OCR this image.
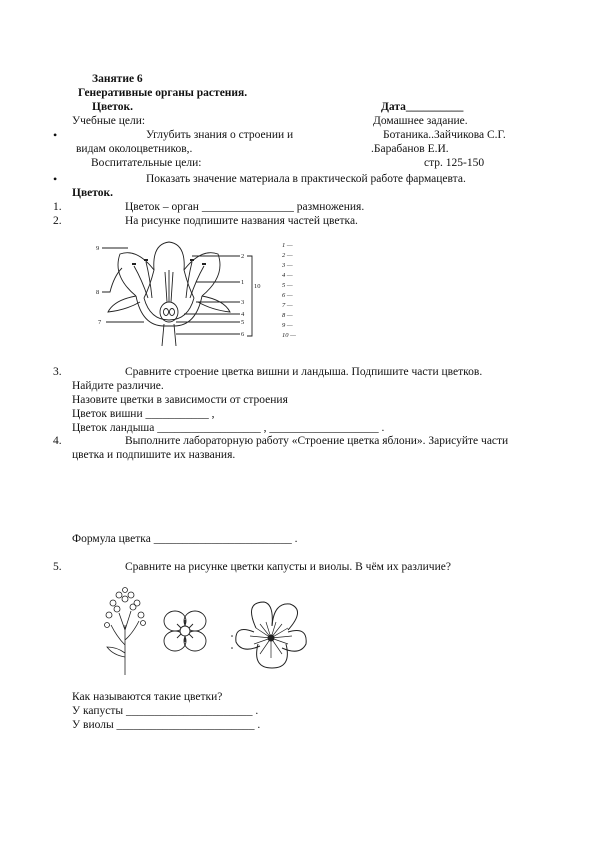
Занятие 6
Генеративные органы растения.
Цветок.	Дата__________
Учебные цели:	Домашнее задание.
•	Углубить знания о строении и	Ботаника..Зайчикова С.Г.
видам околоцветников,.	.Барабанов Е.И.
Воспитательные цели:	стр. 125-150
•	Показать значение материала в практической работе фармацевта.
Цветок.
1.	Цветок – орган ________________ размножения.
2.	На рисунке подпишите названия частей цветка.
9
8
7
2
1
3
4
5
6
10
1 —
2 —
3 —
4 —
5 —
6 —
7 —
8 —
9 —
10 —
3.	Сравните строение цветка вишни и ландыша. Подпишите части цветков.
Найдите различие.
Назовите цветки в зависимости от строения
Цветок вишни ___________ ,
Цветок ландыша __________________ , ___________________ .
4.	Выполните лабораторную работу «Строение цветка яблони». Зарисуйте части
цветка и подпишите их названия.
Формула цветка ________________________ .
5.	Сравните на рисунке цветки капусты и виолы. В чём их различие?
Как называются такие цветки?
У капусты ______________________ .
У виолы ________________________ .
